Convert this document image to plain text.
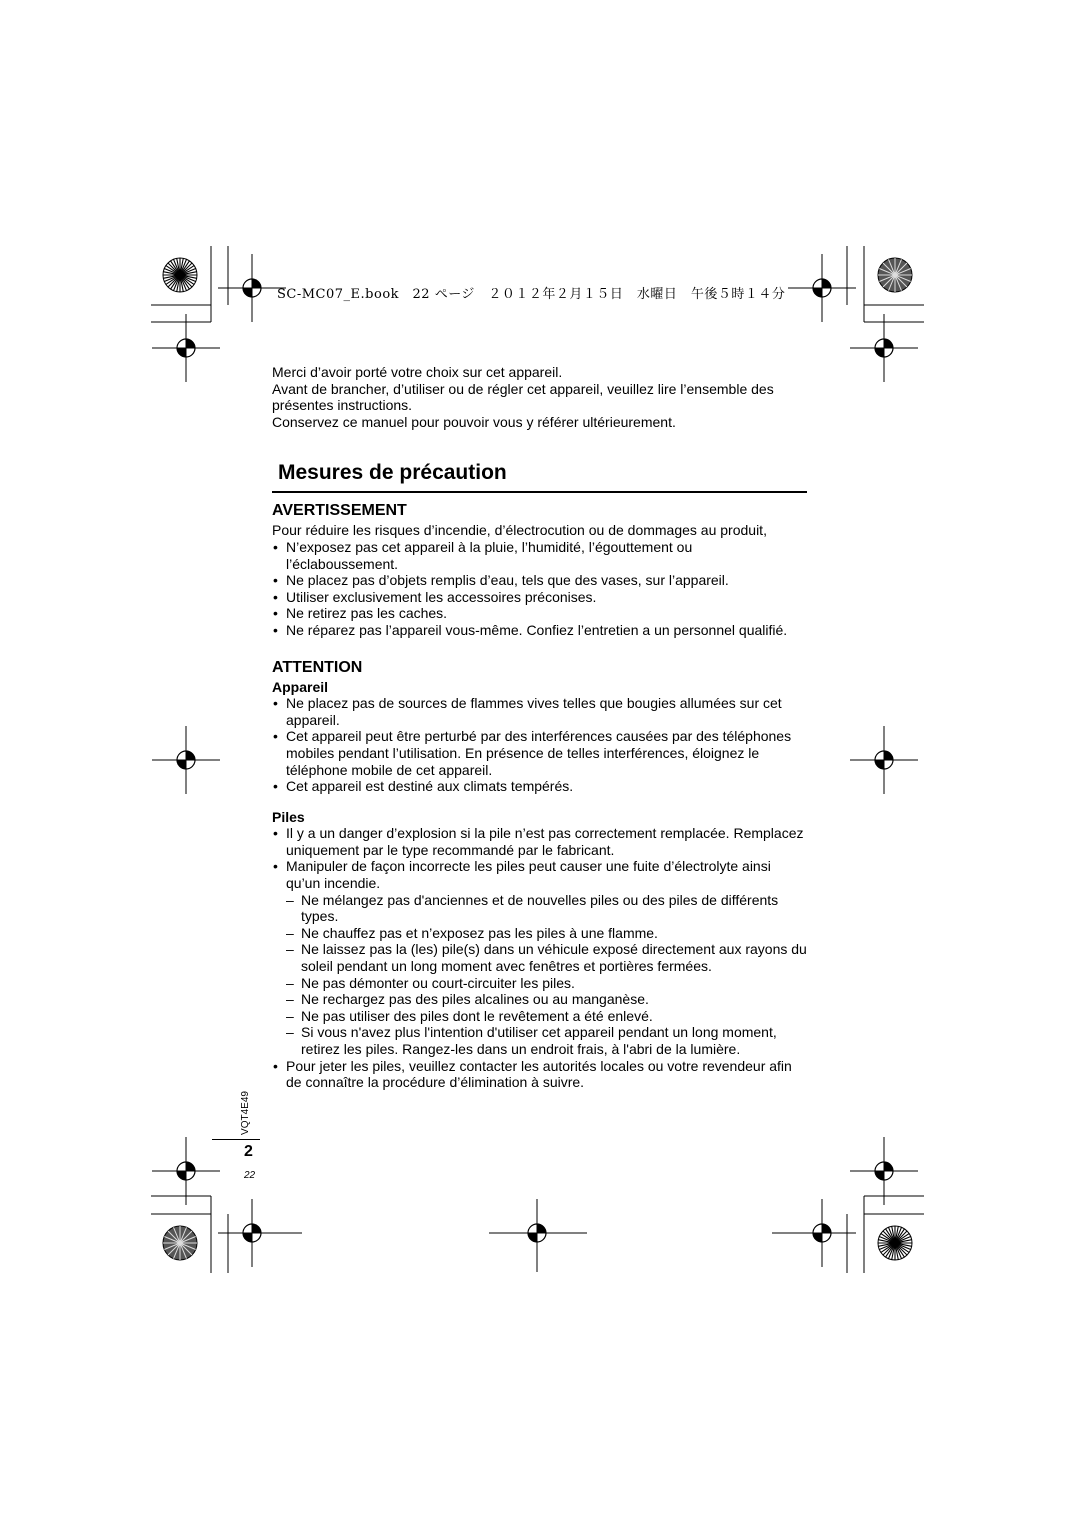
SC-MC07_E.book　22 ページ　２０１２年２月１５日　水曜日　午後５時１４分

Merci d’avoir porté votre choix sur cet appareil.

Avant de brancher, d’utiliser ou de régler cet appareil, veuillez lire l’ensemble des présentes instructions.

Conservez ce manuel pour pouvoir vous y référer ultérieurement.

Mesures de précaution
AVERTISSEMENT

Pour réduire les risques d’incendie, d’électrocution ou de dommages au produit,

• N’exposez pas cet appareil à la pluie, l’humidité, l’égouttement ou l’éclaboussement.
• Ne placez pas d’objets remplis d’eau, tels que des vases, sur l’appareil.
• Utiliser exclusivement les accessoires préconises.
• Ne retirez pas les caches.
• Ne réparez pas l’appareil vous-même. Confiez l’entretien a un personnel qualifié.
ATTENTION
Appareil
• Ne placez pas de sources de flammes vives telles que bougies allumées sur cet appareil.
• Cet appareil peut être perturbé par des interférences causées par des téléphones mobiles pendant l’utilisation. En présence de telles interférences, éloignez le téléphone mobile de cet appareil.
• Cet appareil est destiné aux climats tempérés.
Piles
• Il y a un danger d’explosion si la pile n’est pas correctement remplacée. Remplacez uniquement par le type recommandé par le fabricant.
• Manipuler de façon incorrecte les piles peut causer une fuite d’électrolyte ainsi qu’un incendie.
– Ne mélangez pas d'anciennes et de nouvelles piles ou des piles de différents types.
– Ne chauffez pas et n’exposez pas les piles à une flamme.
– Ne laissez pas la (les) pile(s) dans un véhicule exposé directement aux rayons du soleil pendant un long moment avec fenêtres et portières fermées.
– Ne pas démonter ou court-circuiter les piles.
– Ne rechargez pas des piles alcalines ou au manganèse.
– Ne pas utiliser des piles dont le revêtement a été enlevé.
– Si vous n'avez plus l'intention d'utiliser cet appareil pendant un long moment, retirez les piles. Rangez-les dans un endroit frais, à l'abri de la lumière.
• Pour jeter les piles, veuillez contacter les autorités locales ou votre revendeur afin de connaître la procédure d’élimination à suivre.
VQT4E49
2
22
